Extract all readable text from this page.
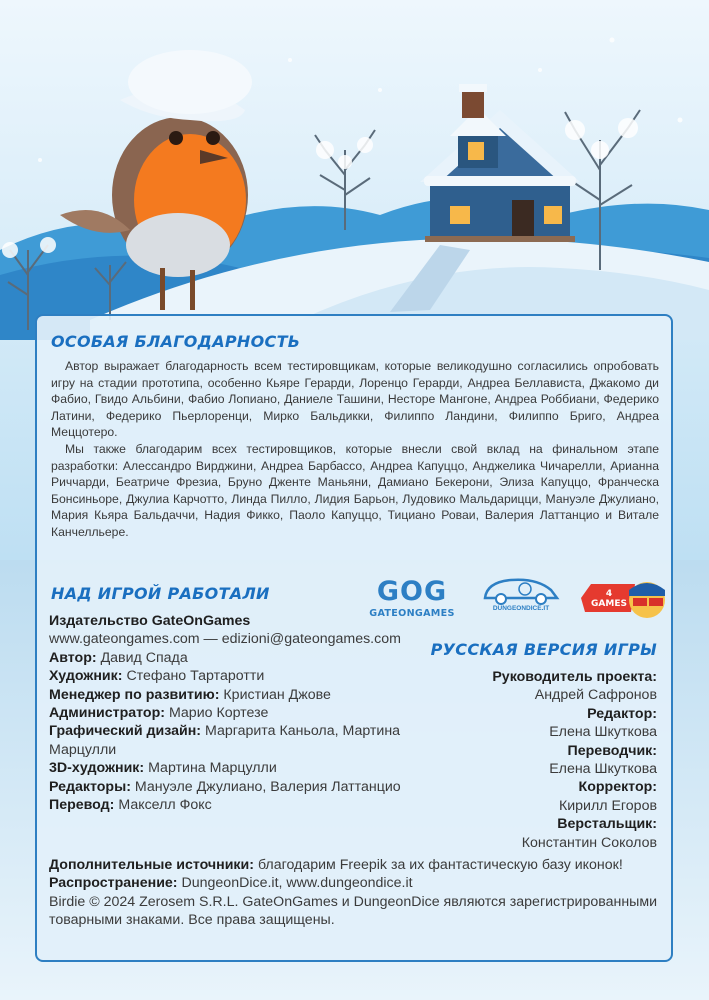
ОСОБАЯ БЛАГОДАРНОСТЬ

Автор выражает благодарность всем тестировщикам, которые великодушно согласились опробовать игру на стадии прототипа, особенно Кьяре Герарди, Лоренцо Герарди, Андреа Беллависта, Джакомо ди Фабио, Гвидо Альбини, Фабио Лопиано, Даниеле Ташини, Несторе Мангоне, Андреа Роббиани, Федерико Латини, Федерико Пьерлоренци, Мирко Бальдикки, Филиппо Ландини, Филиппо Бриго, Андреа Меццотеро.

Мы также благодарим всех тестировщиков, которые внесли свой вклад на финальном этапе разработки: Алессандро Вирджини, Андреа Барбассо, Андреа Капуццо, Анджелика Чичарелли, Арианна Риччарди, Беатриче Фрезиа, Бруно Дженте Маньяни, Дамиано Бекерони, Элиза Капуццо, Франческа Бонсиньоре, Джулиа Карчотто, Линда Пилло, Лидия Барьон, Лудовико Мальдарицци, Мануэле Джулиано, Мария Кьяра Бальдаччи, Надия Фикко, Паоло Капуццо, Тициано Роваи, Валерия Латтанцио и Витале Канчелльере.

НАД ИГРОЙ РАБОТАЛИ	GOG
GATEONGAMES	DUNGEONDICE.IT
4 GAMES
Издательство GateOnGames
www.gateongames.com — edizioni@gateongames.com
Автор: Давид Спада
Художник: Стефано Тартаротти
Менеджер по развитию: Кристиан Джове
Администратор: Марио Кортезе
Графический дизайн: Маргарита Каньола, Мартина Марцулли
3D-художник: Мартина Марцулли
Редакторы: Мануэле Джулиано, Валерия Латтанцио
Перевод: Макселл Фокс
РУССКАЯ ВЕРСИЯ ИГРЫ
Руководитель проекта:
Андрей Сафронов
Редактор:
Елена Шкуткова
Переводчик:
Елена Шкуткова
Корректор:
Кирилл Егоров
Верстальщик:
Константин Соколов
Дополнительные источники: благодарим Freepik за их фантастическую базу иконок!
Распространение: DungeonDice.it, www.dungeondice.it
Birdie © 2024 Zerosem S.R.L. GateOnGames и DungeonDice являются зарегистрированными товарными знаками. Все права защищены.
